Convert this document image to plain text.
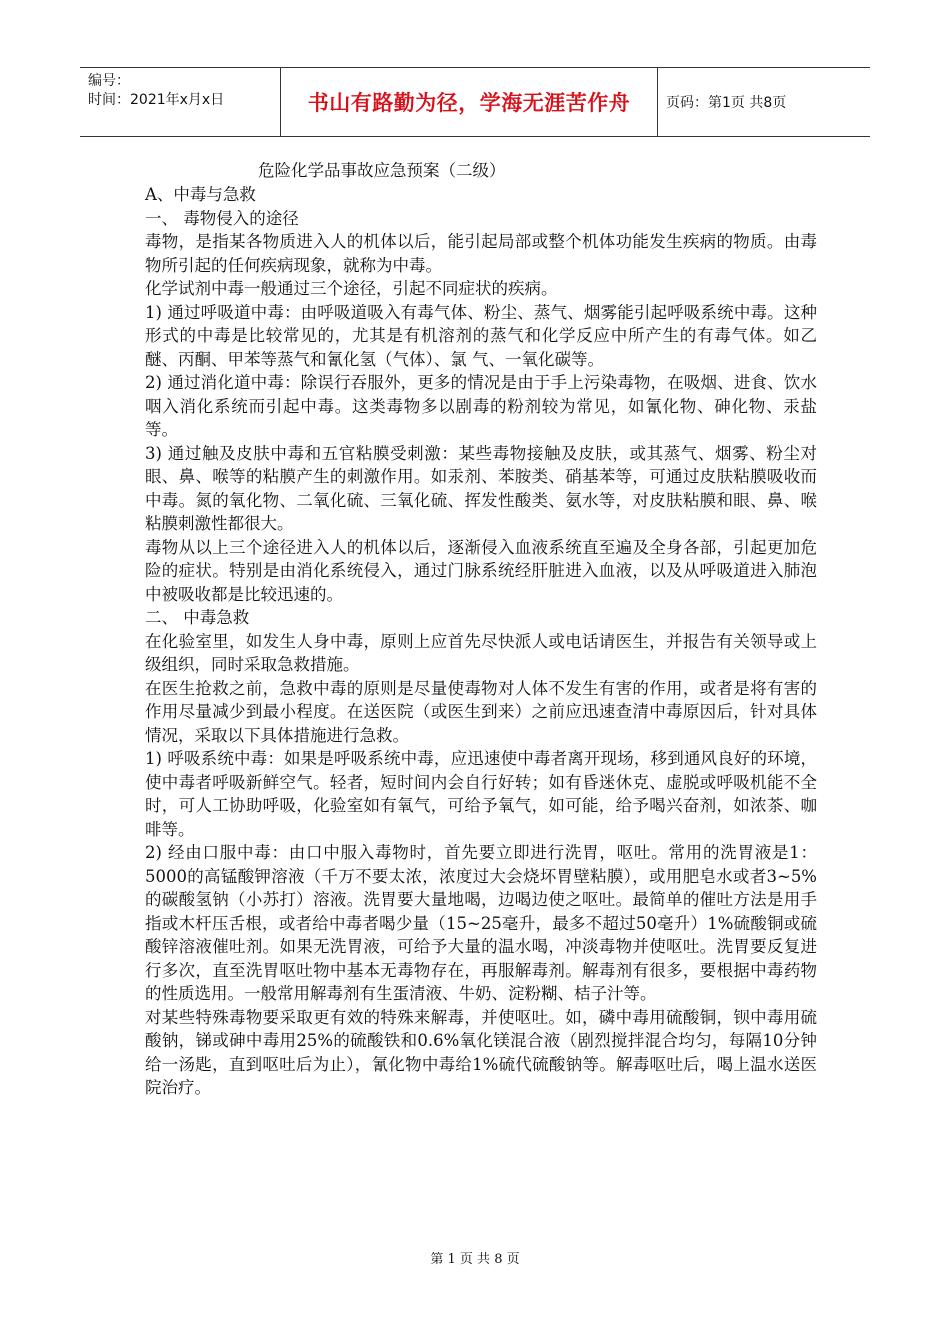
编号：
时间：2021年x月x日	书山有路勤为径，学海无涯苦作舟	页码：第1页 共8页
危险化学品事故应急预案（二级）

A、中毒与急救

一、 毒物侵入的途径

毒物，是指某各物质进入人的机体以后，能引起局部或整个机体功能发生疾病的物质。由毒物所引起的任何疾病现象，就称为中毒。

化学试剂中毒一般通过三个途径，引起不同症状的疾病。

1) 通过呼吸道中毒：由呼吸道吸入有毒气体、粉尘、蒸气、烟雾能引起呼吸系统中毒。这种形式的中毒是比较常见的，尤其是有机溶剂的蒸气和化学反应中所产生的有毒气体。如乙醚、丙酮、甲苯等蒸气和氰化氢（气体）、氯 气、一氧化碳等。

2) 通过消化道中毒：除误行吞服外，更多的情况是由于手上污染毒物，在吸烟、进食、饮水咽入消化系统而引起中毒。这类毒物多以剧毒的粉剂较为常见，如氰化物、砷化物、汞盐等。

3) 通过触及皮肤中毒和五官粘膜受刺激：某些毒物接触及皮肤，或其蒸气、烟雾、粉尘对眼、鼻、喉等的粘膜产生的刺激作用。如汞剂、苯胺类、硝基苯等，可通过皮肤粘膜吸收而中毒。氮的氧化物、二氧化硫、三氧化硫、挥发性酸类、氨水等，对皮肤粘膜和眼、鼻、喉粘膜刺激性都很大。

毒物从以上三个途径进入人的机体以后，逐渐侵入血液系统直至遍及全身各部，引起更加危险的症状。特别是由消化系统侵入，通过门脉系统经肝脏进入血液，以及从呼吸道进入肺泡中被吸收都是比较迅速的。

二、 中毒急救

在化验室里，如发生人身中毒，原则上应首先尽快派人或电话请医生，并报告有关领导或上级组织，同时采取急救措施。

在医生抢救之前，急救中毒的原则是尽量使毒物对人体不发生有害的作用，或者是将有害的作用尽量减少到最小程度。在送医院（或医生到来）之前应迅速查清中毒原因后，针对具体情况，采取以下具体措施进行急救。

1) 呼吸系统中毒：如果是呼吸系统中毒，应迅速使中毒者离开现场，移到通风良好的环境，使中毒者呼吸新鲜空气。轻者，短时间内会自行好转；如有昏迷休克、虚脱或呼吸机能不全时，可人工协助呼吸，化验室如有氧气，可给予氧气，如可能，给予喝兴奋剂，如浓茶、咖啡等。

2) 经由口服中毒：由口中服入毒物时，首先要立即进行洗胃，呕吐。常用的洗胃液是1：5000的高锰酸钾溶液（千万不要太浓，浓度过大会烧坏胃壁粘膜），或用肥皂水或者3~5%的碳酸氢钠（小苏打）溶液。洗胃要大量地喝，边喝边使之呕吐。最简单的催吐方法是用手指或木杆压舌根，或者给中毒者喝少量（15~25毫升，最多不超过50毫升）1%硫酸铜或硫酸锌溶液催吐剂。如果无洗胃液，可给予大量的温水喝，冲淡毒物并使呕吐。洗胃要反复进行多次，直至洗胃呕吐物中基本无毒物存在，再服解毒剂。解毒剂有很多，要根据中毒药物的性质选用。一般常用解毒剂有生蛋清液、牛奶、淀粉糊、桔子汁等。

对某些特殊毒物要采取更有效的特殊来解毒，并使呕吐。如，磷中毒用硫酸铜，钡中毒用硫酸钠，锑或砷中毒用25%的硫酸铁和0.6%氧化镁混合液（剧烈搅拌混合均匀，每隔10分钟给一汤匙，直到呕吐后为止），氰化物中毒给1%硫代硫酸钠等。解毒呕吐后，喝上温水送医院治疗。

第 1 页 共 8 页
